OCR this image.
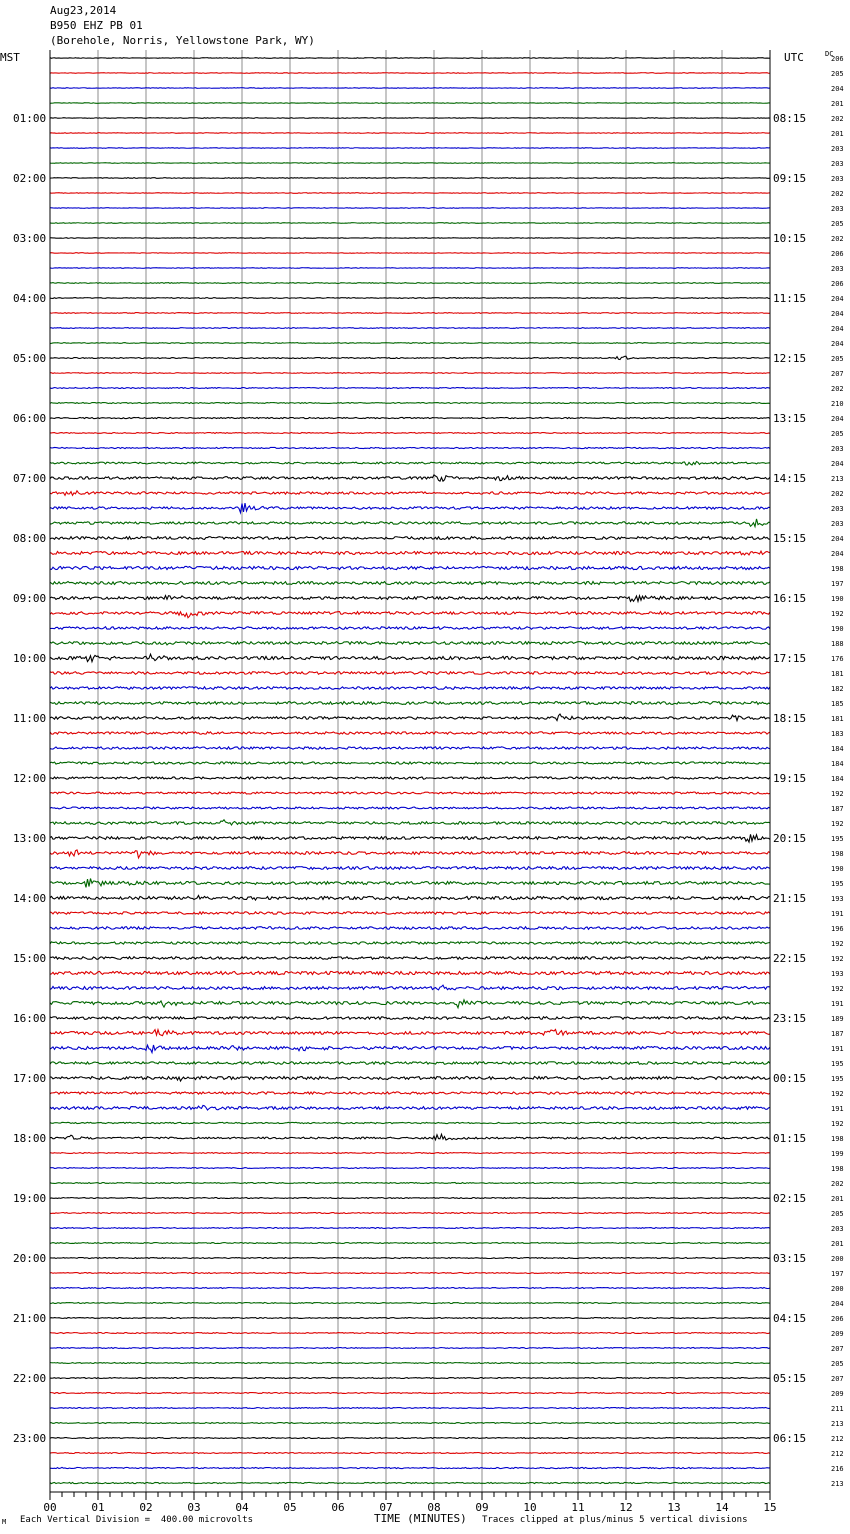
Aug23,2014
B950 EHZ PB 01
(Borehole, Norris, Yellowstone Park, WY)
00	01	02	03	04	05	06	07	08	09	10	11	12	13	14	15
MST	UTC	DC
01:00
02:00
03:00
04:00
05:00
06:00
07:00
08:00
09:00
10:00
11:00
12:00
13:00
14:00
15:00
16:00
17:00
18:00
19:00
20:00
21:00
22:00
23:00
08:15
09:15
10:15
11:15
12:15
13:15
14:15
15:15
16:15
17:15
18:15
19:15
20:15
21:15
22:15
23:15
00:15
01:15
02:15
03:15
04:15
05:15
06:15
206
205
204
201
202
201
203
203
203
202
203
205
202
206
203
206
204
204
204
204
205
207
202
210
204
205
203
204
213
202
203
203
204
204
198
197
190
192
190
188
176
181
182
185
181
183
184
184
184
192
187
192
195
198
190
195
193
191
196
192
192
193
192
191
189
187
191
195
195
192
191
192
198
199
198
202
201
205
203
201
200
197
200
204
206
209
207
205
207
209
211
213
212
212
216
213
Each Vertical Division =  400.00 microvolts	TIME (MINUTES) Traces clipped at plus/minus 5 vertical divisions
M
